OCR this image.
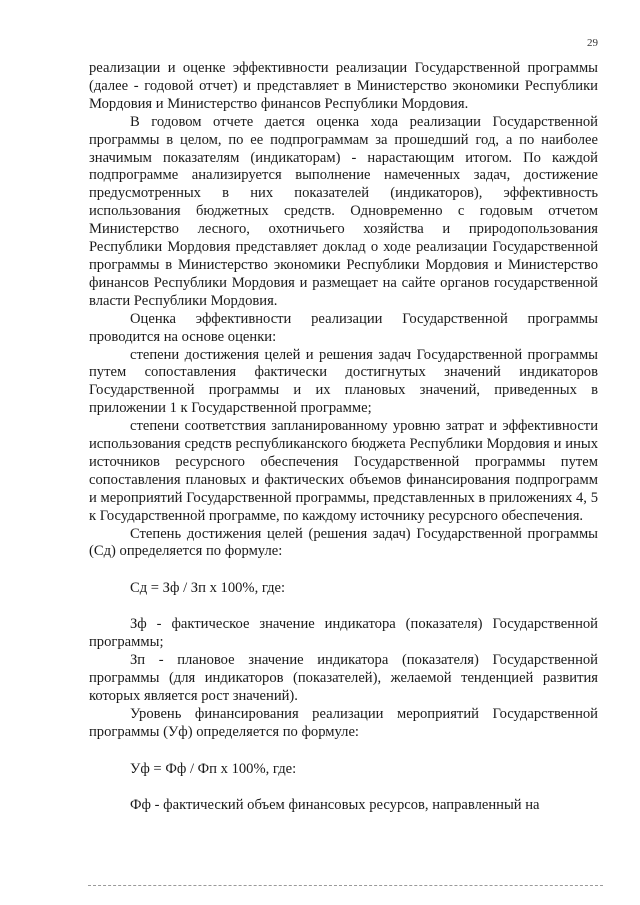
29

реализации и оценке эффективности реализации Государственной программы (далее - годовой отчет) и представляет в Министерство экономики Республики Мордовия и Министерство финансов Республики Мордовия.

В годовом отчете дается оценка хода реализации Государственной программы в целом, по ее подпрограммам за прошедший год, а по наиболее значимым показателям (индикаторам) - нарастающим итогом. По каждой подпрограмме анализируется выполнение намеченных задач, достижение предусмотренных в них показателей (индикаторов), эффективность использования бюджетных средств. Одновременно с годовым отчетом Министерство лесного, охотничьего хозяйства и природопользования Республики Мордовия представляет доклад о ходе реализации Государственной программы в Министерство экономики Республики Мордовия и Министерство финансов Республики Мордовия и размещает на сайте органов государственной власти Республики Мордовия.

Оценка эффективности реализации Государственной программы проводится на основе оценки:

степени достижения целей и решения задач Государственной программы путем сопоставления фактически достигнутых значений индикаторов Государственной программы и их плановых значений, приведенных в приложении 1 к Государственной программе;

степени соответствия запланированному уровню затрат и эффективности использования средств республиканского бюджета Республики Мордовия и иных источников ресурсного обеспечения Государственной программы путем сопоставления плановых и фактических объемов финансирования подпрограмм и мероприятий Государственной программы, представленных в приложениях 4, 5 к Государственной программе, по каждому источнику ресурсного обеспечения.

Степень достижения целей (решения задач) Государственной программы (Сд) определяется по формуле:

Сд = Зф / Зп х 100%, где:

Зф - фактическое значение индикатора (показателя) Государственной программы;

Зп - плановое значение индикатора (показателя) Государственной программы (для индикаторов (показателей), желаемой тенденцией развития которых является рост значений).

Уровень финансирования реализации мероприятий Государственной программы (Уф) определяется по формуле:

Уф = Фф / Фп х 100%, где:

Фф - фактический объем финансовых ресурсов, направленный на
